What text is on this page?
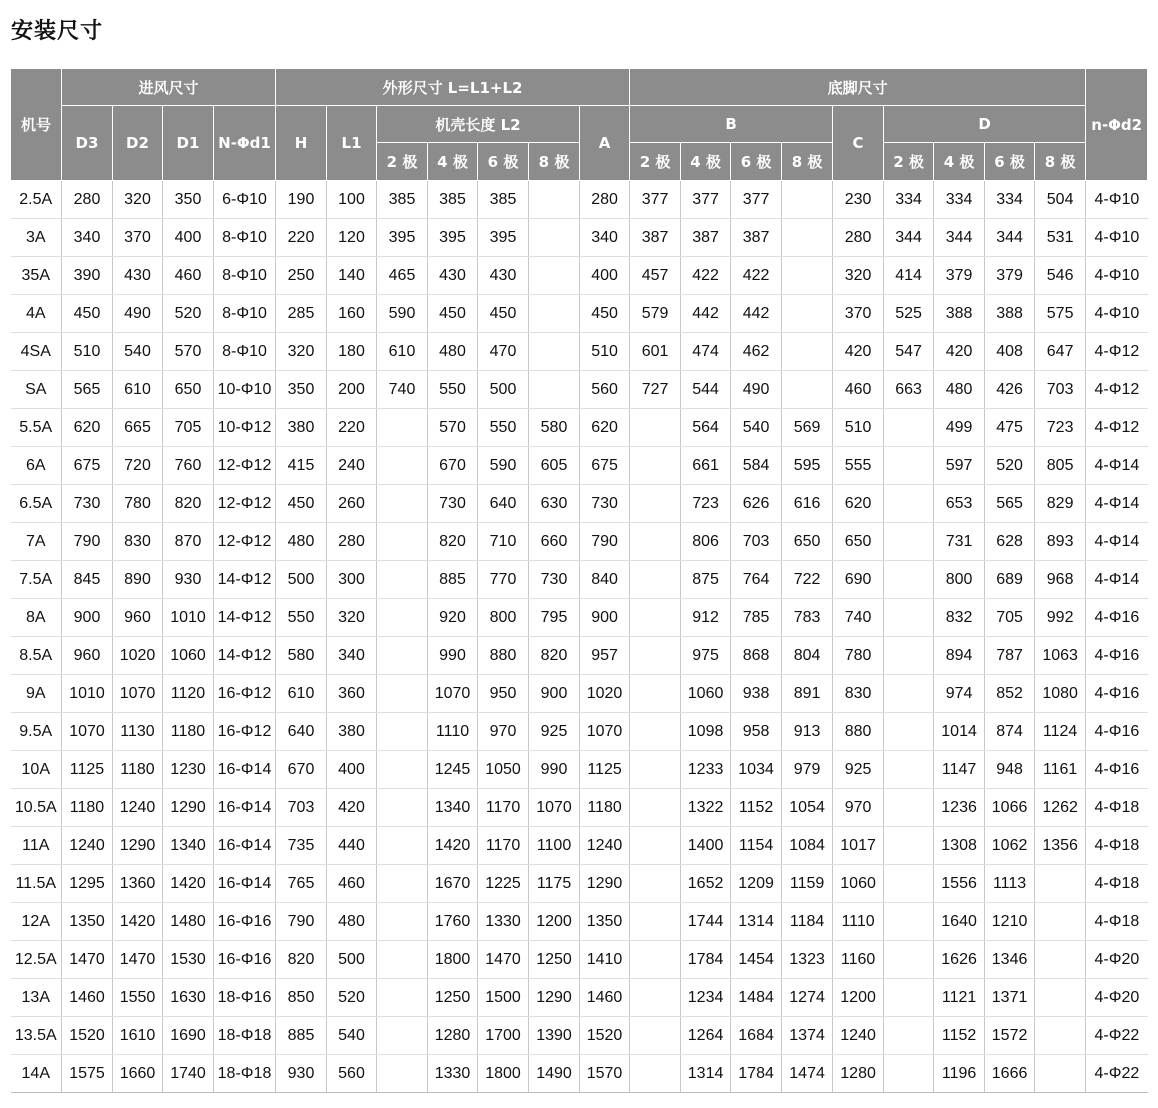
安装尺寸
机号	进风尺寸				外形尺寸 L=L1+L2							底脚尺寸									n-Φd2
	D3	D2	D1	N-Φd1	H	L1	机壳长度 L2				A	B				C	D				
							2 极	4 极	6 极	8 极		2 极	4 极	6 极	8 极		2 极	4 极	6 极	8 极	
2.5A	280	320	350	6-Φ10	190	100	385	385	385		280	377	377	377		230	334	334	334	504	4-Φ10
3A	340	370	400	8-Φ10	220	120	395	395	395		340	387	387	387		280	344	344	344	531	4-Φ10
35A	390	430	460	8-Φ10	250	140	465	430	430		400	457	422	422		320	414	379	379	546	4-Φ10
4A	450	490	520	8-Φ10	285	160	590	450	450		450	579	442	442		370	525	388	388	575	4-Φ10
4SA	510	540	570	8-Φ10	320	180	610	480	470		510	601	474	462		420	547	420	408	647	4-Φ12
SA	565	610	650	10-Φ10	350	200	740	550	500		560	727	544	490		460	663	480	426	703	4-Φ12
5.5A	620	665	705	10-Φ12	380	220		570	550	580	620		564	540	569	510		499	475	723	4-Φ12
6A	675	720	760	12-Φ12	415	240		670	590	605	675		661	584	595	555		597	520	805	4-Φ14
6.5A	730	780	820	12-Φ12	450	260		730	640	630	730		723	626	616	620		653	565	829	4-Φ14
7A	790	830	870	12-Φ12	480	280		820	710	660	790		806	703	650	650		731	628	893	4-Φ14
7.5A	845	890	930	14-Φ12	500	300		885	770	730	840		875	764	722	690		800	689	968	4-Φ14
8A	900	960	1010	14-Φ12	550	320		920	800	795	900		912	785	783	740		832	705	992	4-Φ16
8.5A	960	1020	1060	14-Φ12	580	340		990	880	820	957		975	868	804	780		894	787	1063	4-Φ16
9A	1010	1070	1120	16-Φ12	610	360		1070	950	900	1020		1060	938	891	830		974	852	1080	4-Φ16
9.5A	1070	1130	1180	16-Φ12	640	380		1110	970	925	1070		1098	958	913	880		1014	874	1124	4-Φ16
10A	1125	1180	1230	16-Φ14	670	400		1245	1050	990	1125		1233	1034	979	925		1147	948	1161	4-Φ16
10.5A	1180	1240	1290	16-Φ14	703	420		1340	1170	1070	1180		1322	1152	1054	970		1236	1066	1262	4-Φ18
11A	1240	1290	1340	16-Φ14	735	440		1420	1170	1100	1240		1400	1154	1084	1017		1308	1062	1356	4-Φ18
11.5A	1295	1360	1420	16-Φ14	765	460		1670	1225	1175	1290		1652	1209	1159	1060		1556	1113		4-Φ18
12A	1350	1420	1480	16-Φ16	790	480		1760	1330	1200	1350		1744	1314	1184	1110		1640	1210		4-Φ18
12.5A	1470	1470	1530	16-Φ16	820	500		1800	1470	1250	1410		1784	1454	1323	1160		1626	1346		4-Φ20
13A	1460	1550	1630	18-Φ16	850	520		1250	1500	1290	1460		1234	1484	1274	1200		1121	1371		4-Φ20
13.5A	1520	1610	1690	18-Φ18	885	540		1280	1700	1390	1520		1264	1684	1374	1240		1152	1572		4-Φ22
14A	1575	1660	1740	18-Φ18	930	560		1330	1800	1490	1570		1314	1784	1474	1280		1196	1666		4-Φ22
